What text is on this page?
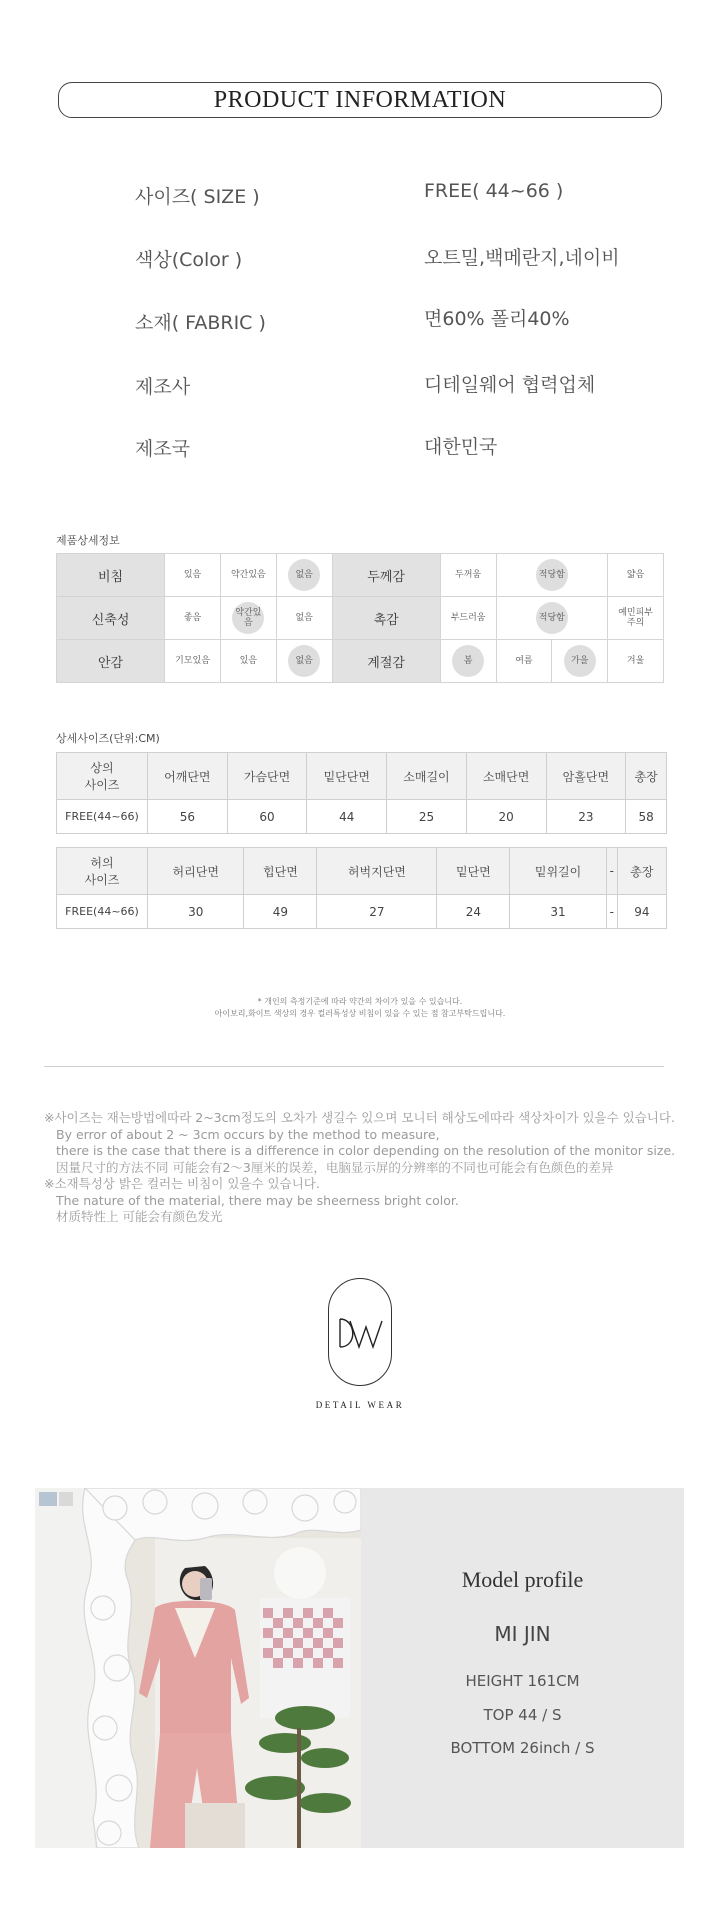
PRODUCT INFORMATION
사이즈( SIZE )	FREE( 44~66 )
색상(Color )	오트밀,백메란지,네이비
소재( FABRIC )	면60% 폴리40%
제조사	디테일웨어 협력업체
제조국	대한민국
제품상세정보
비침	있음	약간있음	없음	두께감	두꺼움	적당함		얇음
신축성	좋음	약간있음	없음	촉감	부드러움	적당함		예민피부 주의
안감	기모있음	있음	없음	계절감	봄	여름	가을	겨울
상세사이즈(단위:CM)
상의
사이즈	어깨단면	가슴단면	밑단단면	소매길이	소매단면	암홀단면	총장
FREE(44~66)	56	60	44	25	20	23	58
허의
사이즈	허리단면	힙단면	허벅지단면	밑단면	밑위길이	-	총장
FREE(44~66)	30	49	27	24	31	-	94
* 개인의 측정기준에 따라 약간의 차이가 있을 수 있습니다.
아이보리,화이트 색상의 경우 컬러특성상 비침이 있을 수 있는 점 참고부탁드립니다.
※사이즈는 재는방법에따라 2~3cm정도의 오차가 생길수 있으며 모니터 해상도에따라 색상차이가 있을수 있습니다.
By error of about 2 ~ 3cm occurs by the method to measure,
there is the case that there is a difference in color depending on the resolution of the monitor size.
因量尺寸的方法不同 可能会有2～3厘米的误差，电脑显示屏的分辨率的不同也可能会有色颜色的差异
※소재특성상 밝은 컬러는 비침이 있을수 있습니다.
The nature of the material, there may be sheerness bright color.
材质特性上 可能会有颜色发光
DETAIL WEAR
Model profile
MI JIN
HEIGHT 161CM
TOP 44 / S
BOTTOM 26inch / S
